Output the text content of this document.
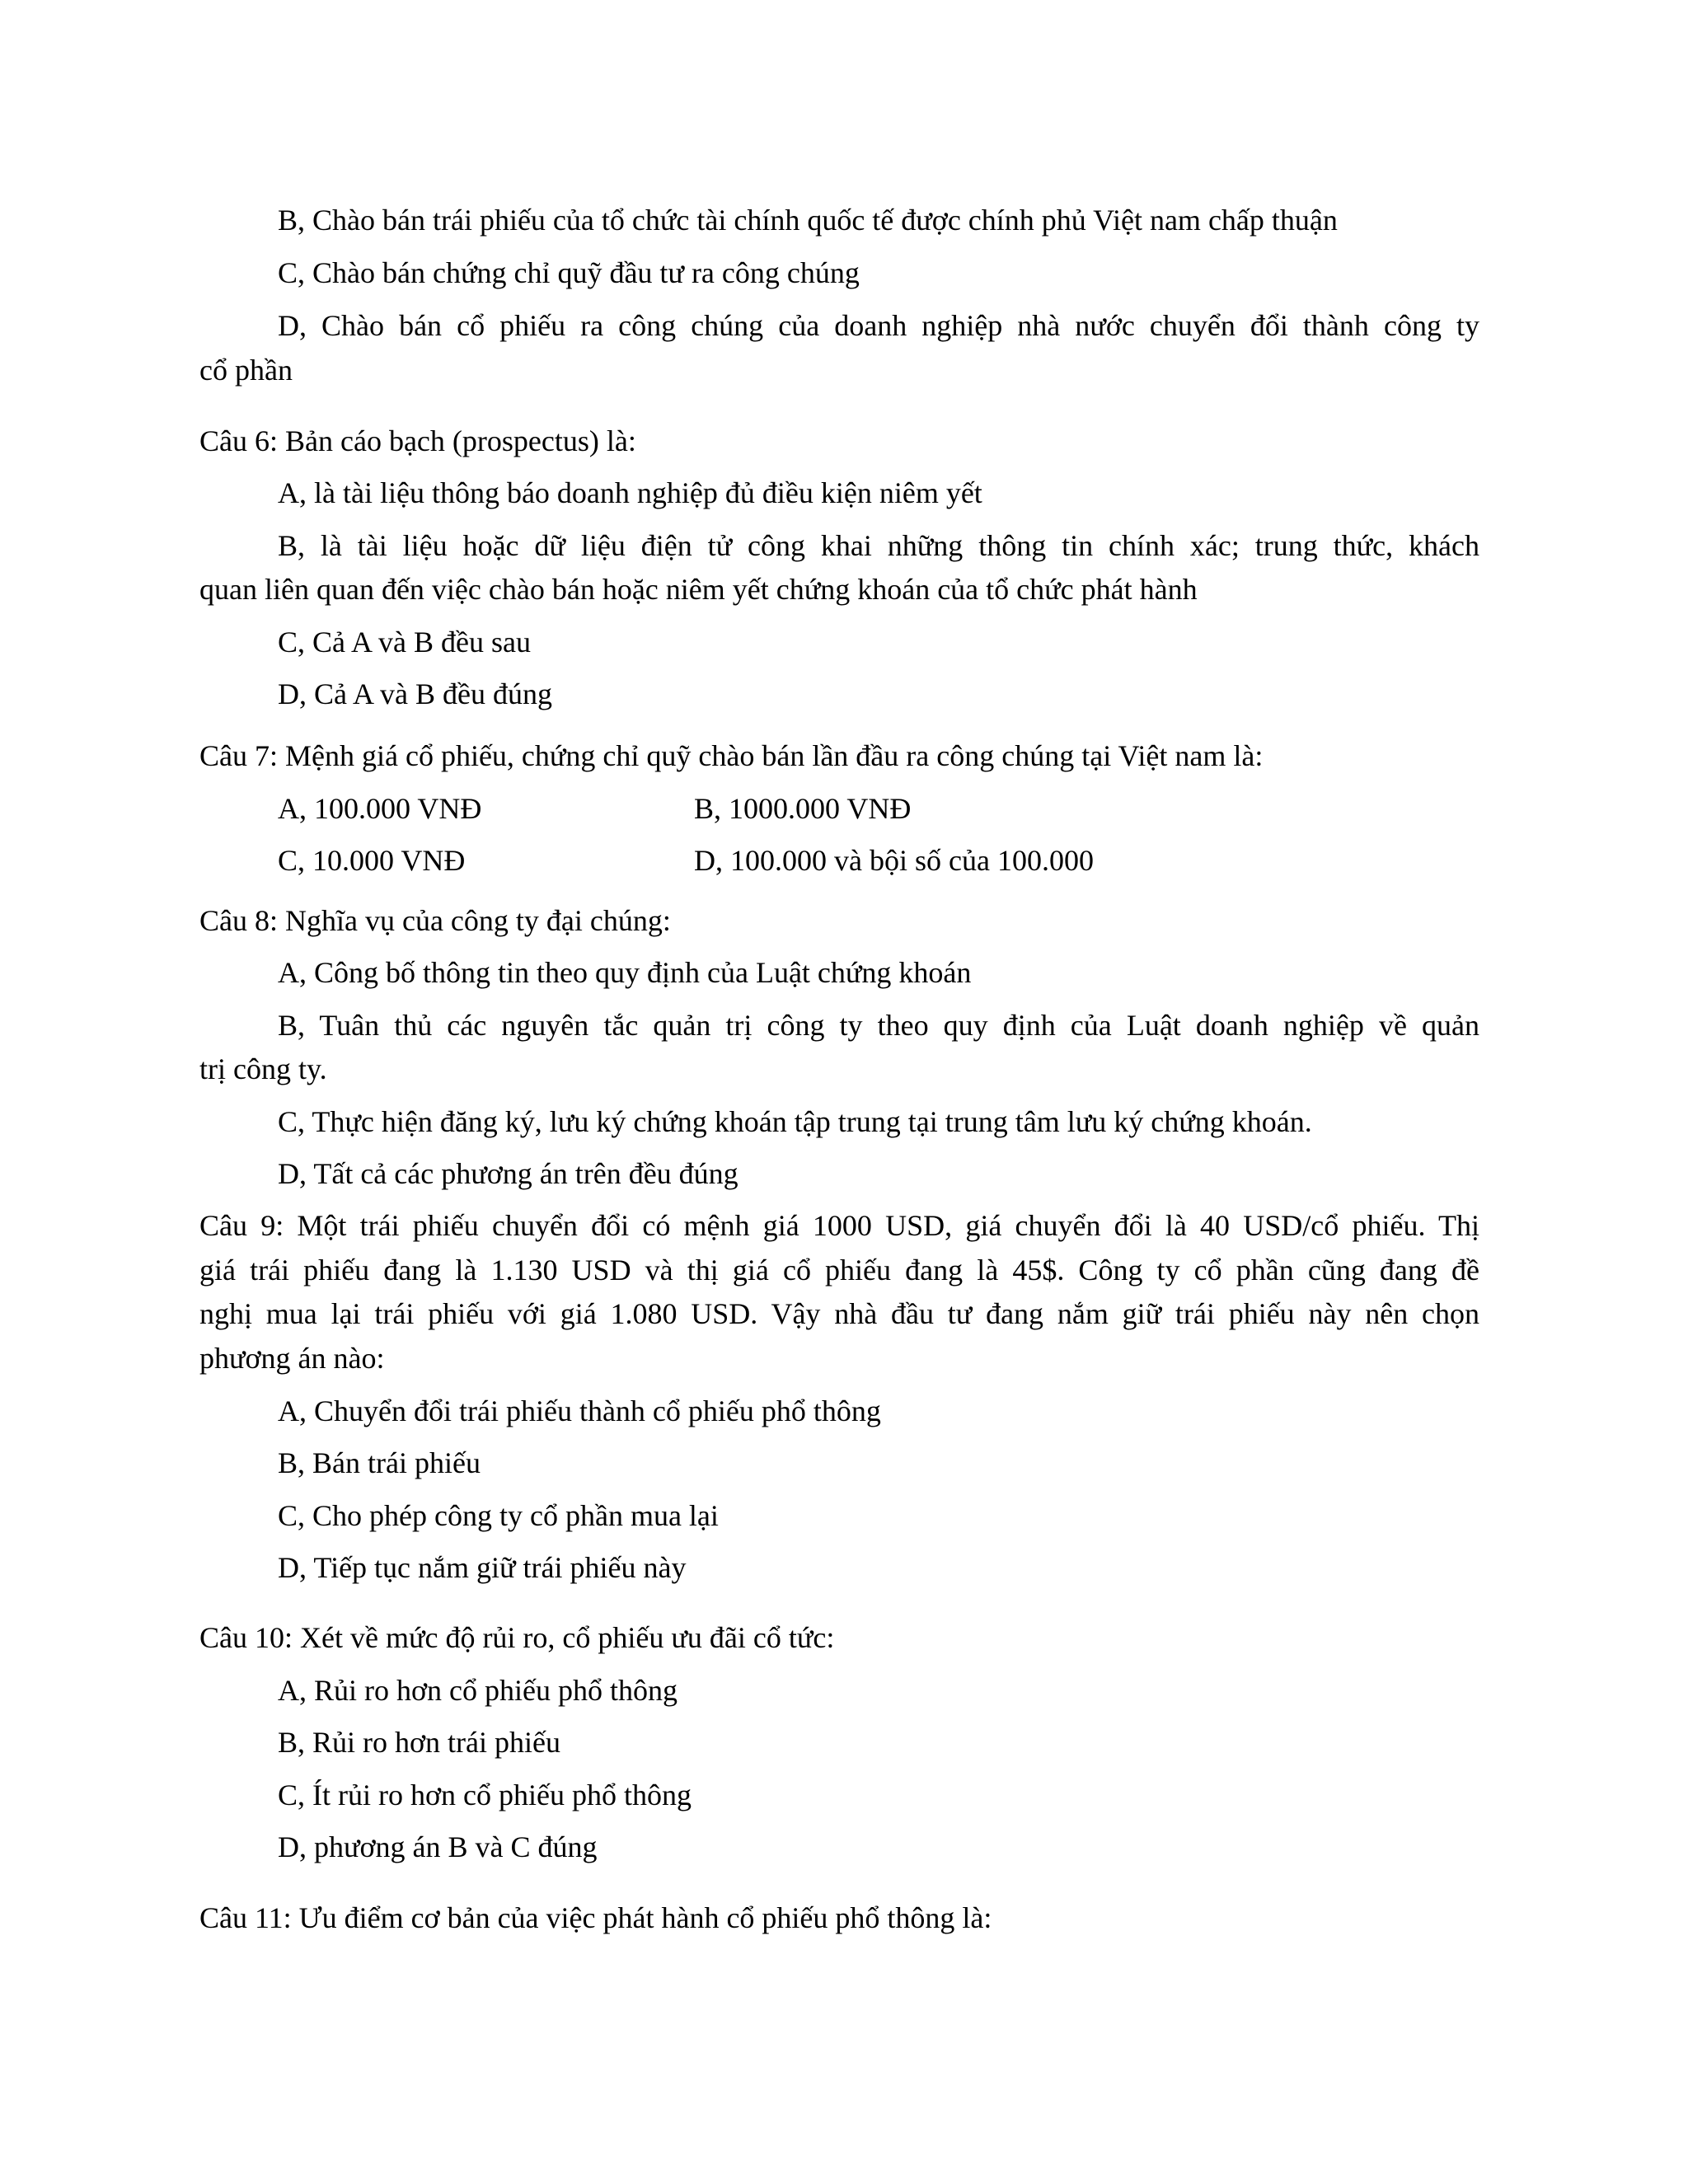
B, Chào bán trái phiếu của tổ chức tài chính quốc tế được chính phủ Việt nam chấp thuận
C, Chào bán chứng chỉ quỹ đầu tư ra công chúng
D, Chào bán cổ phiếu ra công chúng của doanh nghiệp nhà nước chuyển đổi thành công ty
cổ phần
Câu 6: Bản cáo bạch (prospectus) là:
A, là tài liệu thông báo doanh nghiệp đủ điều kiện niêm yết
B, là tài liệu hoặc dữ liệu điện tử công khai những thông tin chính xác; trung thức, khách
quan liên quan đến việc chào bán hoặc niêm yết chứng khoán của tổ chức phát hành
C, Cả A và B đều sau
D, Cả A và B đều đúng
Câu 7: Mệnh giá cổ phiếu, chứng chỉ quỹ chào bán lần đầu ra công chúng tại Việt nam là:
A, 100.000 VNĐ	B, 1000.000 VNĐ
C, 10.000 VNĐ	D, 100.000 và bội số của 100.000
Câu 8: Nghĩa vụ của công ty đại chúng:
A, Công bố thông tin theo quy định của Luật chứng khoán
B, Tuân thủ các nguyên tắc quản trị công ty theo quy định của Luật doanh nghiệp về quản
trị công ty.
C, Thực hiện đăng ký, lưu ký chứng khoán tập trung tại trung tâm lưu ký chứng khoán.
D, Tất cả các phương án trên đều đúng
Câu 9: Một trái phiếu chuyển đổi có mệnh giá 1000 USD, giá chuyển đổi là 40 USD/cổ phiếu. Thị
giá trái phiếu đang là 1.130 USD và thị giá cổ phiếu đang là 45$. Công ty cổ phần cũng đang đề
nghị mua lại trái phiếu với giá 1.080 USD. Vậy nhà đầu tư đang nắm giữ trái phiếu này nên chọn
phương án nào:
A, Chuyển đổi trái phiếu thành cổ phiếu phổ thông
B, Bán trái phiếu
C, Cho phép công ty cổ phần mua lại
D, Tiếp tục nắm giữ trái phiếu này
Câu 10: Xét về mức độ rủi ro, cổ phiếu ưu đãi cổ tức:
A, Rủi ro hơn cổ phiếu phổ thông
B, Rủi ro hơn trái phiếu
C, Ít rủi ro hơn cổ phiếu phổ thông
D, phương án B và C đúng
Câu 11: Ưu điểm cơ bản của việc phát hành cổ phiếu phổ thông là:
